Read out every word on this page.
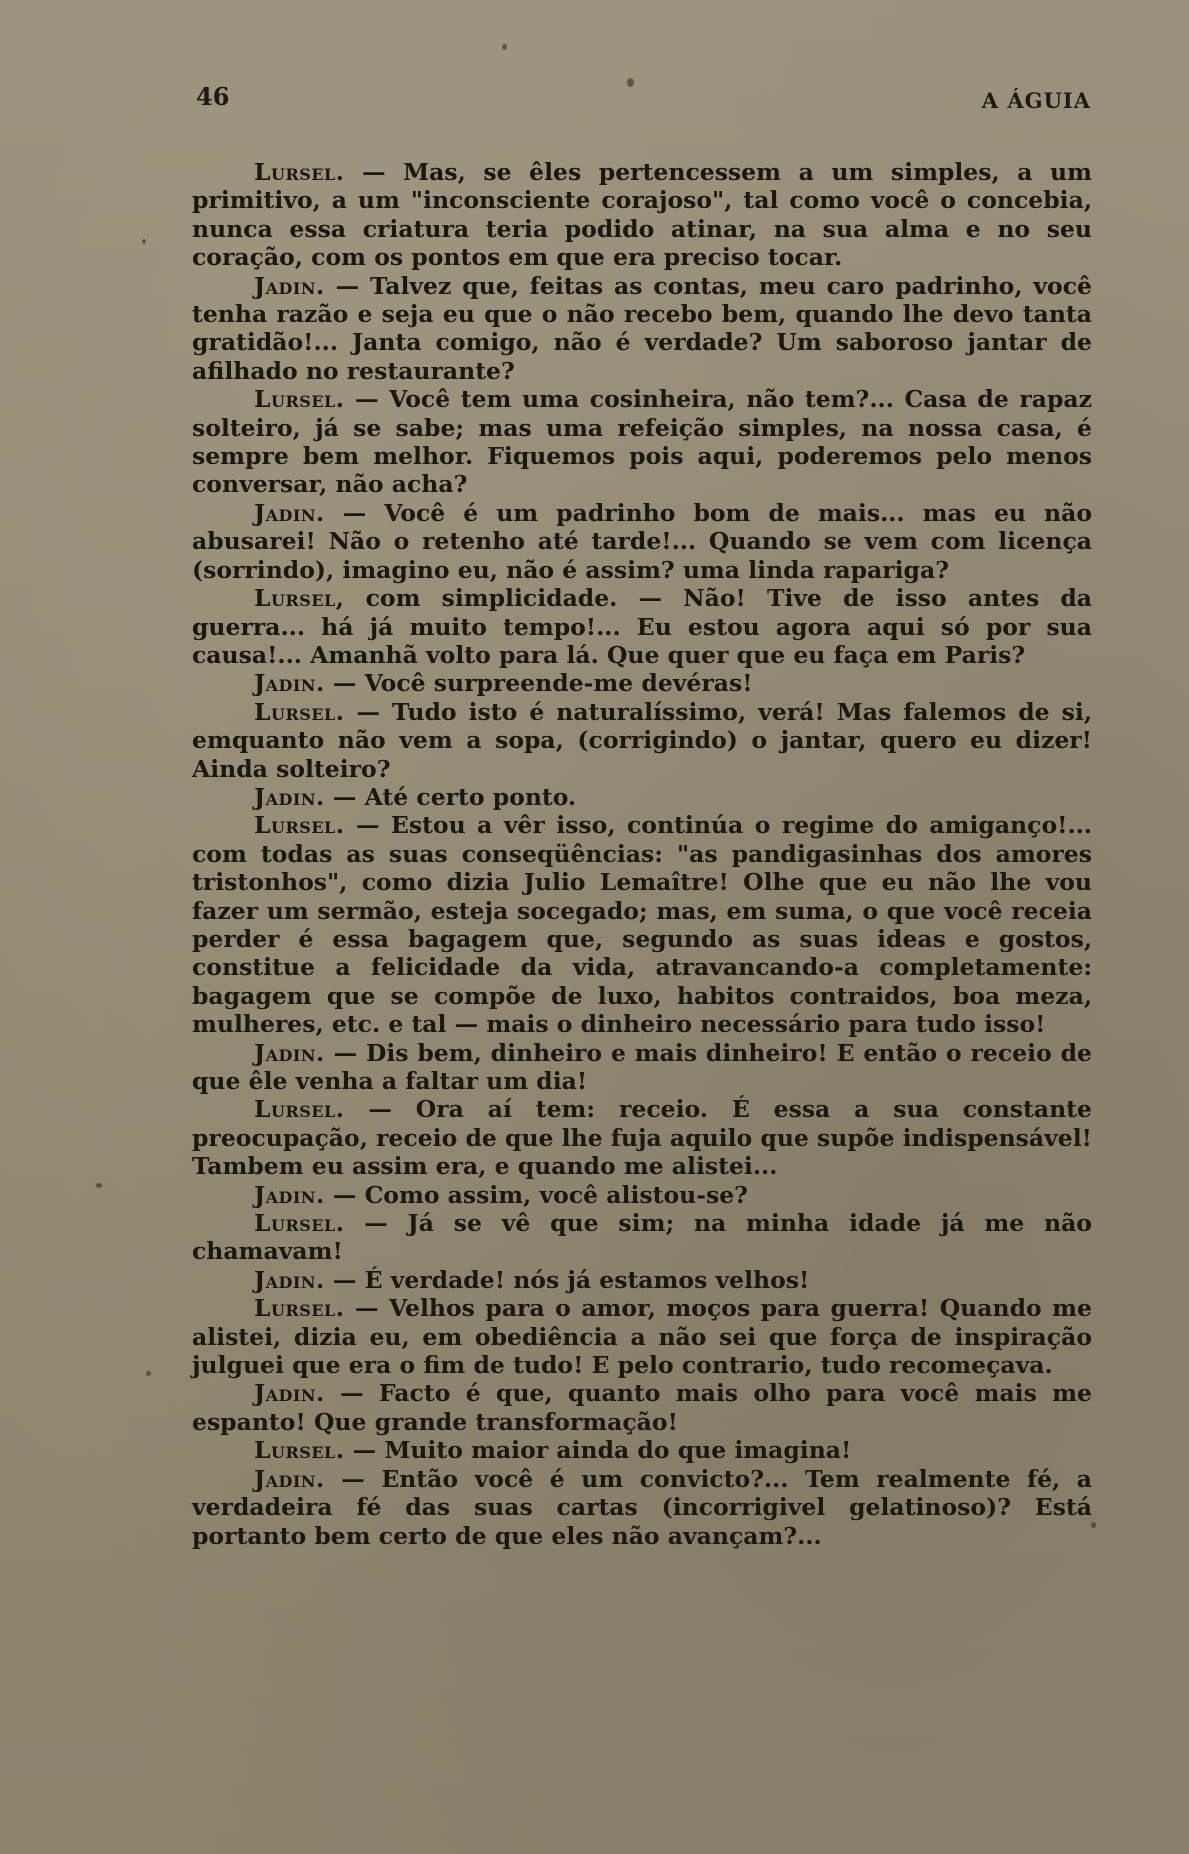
46	A ÁGUIA

Lursel. — Mas, se êles pertencessem a um simples, a um primitivo, a um "inconsciente corajoso", tal como você o concebia, nunca essa criatura teria podido atinar, na sua alma e no seu coração, com os pontos em que era preciso tocar.

Jadin. — Talvez que, feitas as contas, meu caro padrinho, você tenha razão e seja eu que o não recebo bem, quando lhe devo tanta gratidão!... Janta comigo, não é verdade? Um saboroso jantar de afilhado no restaurante?

Lursel. — Você tem uma cosinheira, não tem?... Casa de rapaz solteiro, já se sabe; mas uma refeição simples, na nossa casa, é sempre bem melhor. Fiquemos pois aqui, poderemos pelo menos conversar, não acha?

Jadin. — Você é um padrinho bom de mais... mas eu não abusarei! Não o retenho até tarde!... Quando se vem com licença (sorrindo), imagino eu, não é assim? uma linda rapariga?

Lursel, com simplicidade. — Não! Tive de isso antes da guerra... há já muito tempo!... Eu estou agora aqui só por sua causa!... Amanhã volto para lá. Que quer que eu faça em Paris?

Jadin. — Você surpreende-me devéras!

Lursel. — Tudo isto é naturalíssimo, verá! Mas falemos de si, emquanto não vem a sopa, (corrigindo) o jantar, quero eu dizer! Ainda solteiro?

Jadin. — Até certo ponto.

Lursel. — Estou a vêr isso, continúa o regime do amiganço!... com todas as suas conseqüências: "as pandigasinhas dos amores tristonhos", como dizia Julio Lemaître! Olhe que eu não lhe vou fazer um sermão, esteja socegado; mas, em suma, o que você receia perder é essa bagagem que, segundo as suas ideas e gostos, constitue a felicidade da vida, atravancando-a completamente: bagagem que se compõe de luxo, habitos contraidos, boa meza, mulheres, etc. e tal — mais o dinheiro necessário para tudo isso!

Jadin. — Dis bem, dinheiro e mais dinheiro! E então o receio de que êle venha a faltar um dia!

Lursel. — Ora aí tem: receio. É essa a sua constante preocupação, receio de que lhe fuja aquilo que supõe indispensável! Tambem eu assim era, e quando me alistei...

Jadin. — Como assim, você alistou-se?

Lursel. — Já se vê que sim; na minha idade já me não chamavam!

Jadin. — É verdade! nós já estamos velhos!

Lursel. — Velhos para o amor, moços para guerra! Quando me alistei, dizia eu, em obediência a não sei que força de inspiração julguei que era o fim de tudo! E pelo contrario, tudo recomeçava.

Jadin. — Facto é que, quanto mais olho para você mais me espanto! Que grande transformação!

Lursel. — Muito maior ainda do que imagina!

Jadin. — Então você é um convicto?... Tem realmente fé, a verdadeira fé das suas cartas (incorrigivel gelatinoso)? Está portanto bem certo de que eles não avançam?...
